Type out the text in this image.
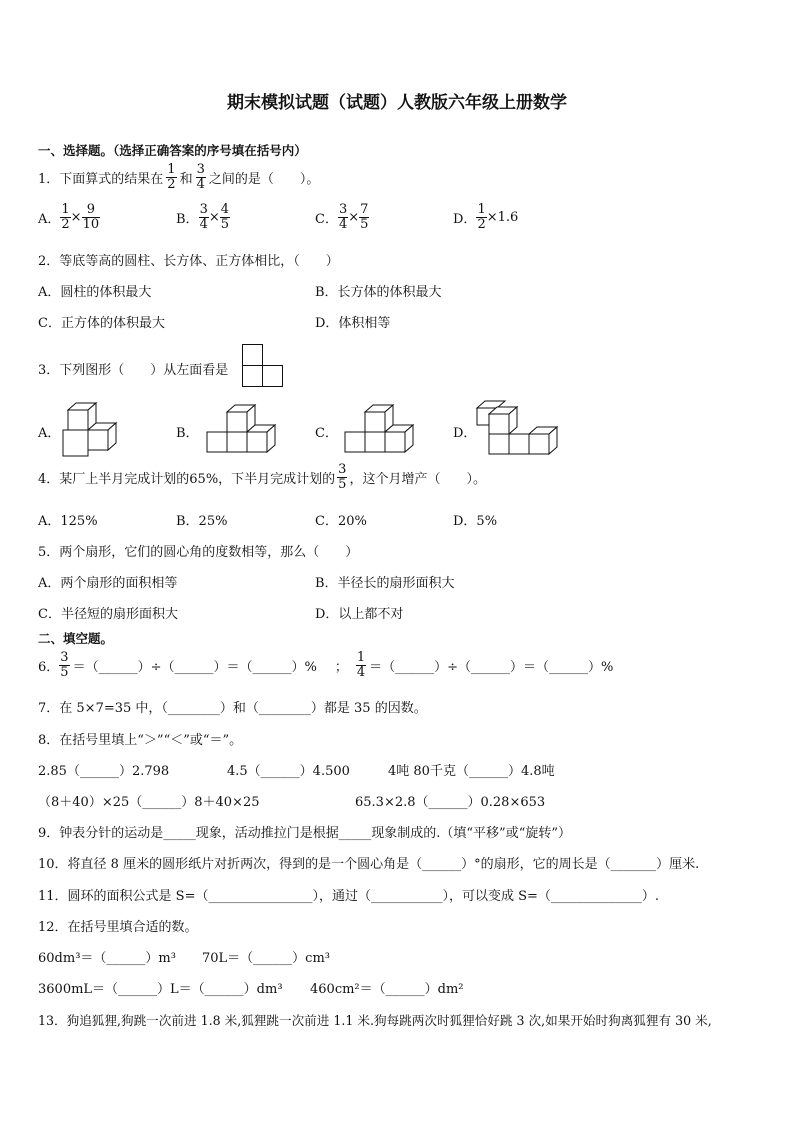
期末模拟试题（试题）人教版六年级上册数学
一、选择题。（选择正确答案的序号填在括号内）
1．下面算式的结果在 $\frac{1}{2}$ 和 $\frac{3}{4}$ 之间的是（　　）。
A． $\frac{1}{2} \times \frac{9}{10}$	B． $\frac{3}{4} \times \frac{4}{5}$	C． $\frac{3}{4} \times \frac{7}{5}$	D． $\frac{1}{2} \times 1.6$
2．等底等高的圆柱、长方体、正方体相比，（　　）
A．圆柱的体积最大	B．长方体的体积最大
C．正方体的体积最大	D．体积相等
3．下列图形（　　）从左面看是
A．	B．	C．	D．
4．某厂上半月完成计划的65%，下半月完成计划的 $\frac{3}{5}$ ，这个月增产（　　）。
A．125%	B．25%	C．20%	D．5%
5．两个扇形，它们的圆心角的度数相等，那么（　　）
A．两个扇形的面积相等	B．半径长的扇形面积大
C．半径短的扇形面积大	D．以上都不对
二、填空题。
6． $\frac{3}{5}$ ＝（______）÷（______）＝（______）% ； $\frac{1}{4}$ ＝（______）÷（______）＝（______）%
7．在 5×7=35 中，（________）和（________）都是 35 的因数。
8．在括号里填上“＞”“＜”或“＝”。
2.85（______）2.798	4.5（______）4.500	4吨 80千克（______）4.8吨
（8＋40）×25（______）8＋40×25	65.3×2.8（______）0.28×653
9．钟表分针的运动是_____现象，活动推拉门是根据_____现象制成的.（填“平移”或“旋转”）
10．将直径 8 厘米的圆形纸片对折两次，得到的是一个圆心角是（______）°的扇形，它的周长是（_______）厘米.
11．圆环的面积公式是 S=（________________），通过（___________），可以变成 S=（______________）.
12．在括号里填合适的数。
60dm³＝（______）m³ 70L＝（______）cm³
3600mL＝（______）L＝（______）dm³ 460cm²＝（______）dm²
13．狗追狐狸,狗跳一次前进 1.8 米,狐狸跳一次前进 1.1 米.狗每跳两次时狐狸恰好跳 3 次,如果开始时狗离狐狸有 30 米,
